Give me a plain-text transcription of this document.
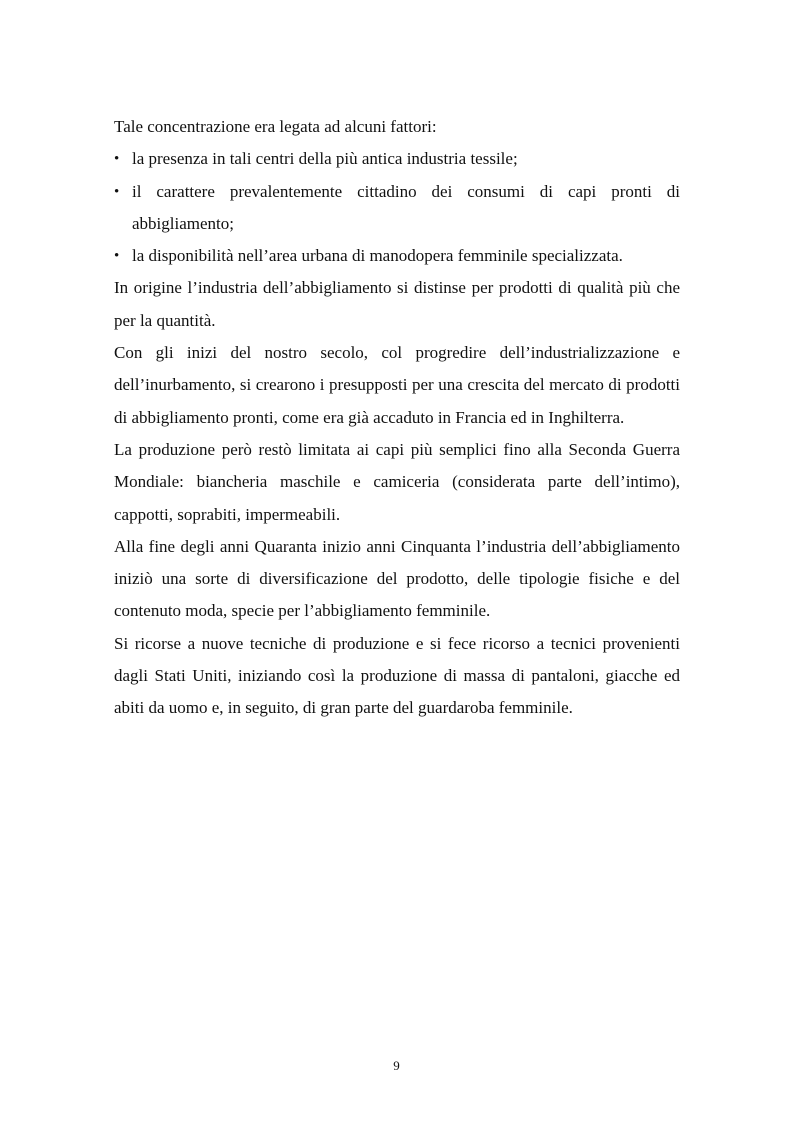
Tale concentrazione era legata ad alcuni fattori:

• la presenza in tali centri della più antica industria tessile;
• il carattere prevalentemente cittadino dei consumi di capi pronti di abbigliamento;
• la disponibilità nell’area urbana di manodopera femminile specializzata.

In origine l’industria dell’abbigliamento si distinse per prodotti di qualità più che per la quantità.

Con gli inizi del nostro secolo, col progredire dell’industrializzazione e dell’inurbamento, si crearono i presupposti per una crescita del mercato di prodotti di abbigliamento pronti, come era già accaduto in Francia ed in Inghilterra.

La produzione però restò limitata ai capi più semplici fino alla Seconda Guerra Mondiale: biancheria maschile e camiceria (considerata parte dell’intimo), cappotti, soprabiti, impermeabili.

Alla fine degli anni Quaranta inizio anni Cinquanta l’industria dell’abbigliamento iniziò una sorte di diversificazione del prodotto, delle tipologie fisiche e del contenuto moda, specie per l’abbigliamento femminile.

Si ricorse a nuove tecniche di produzione e si fece ricorso a tecnici provenienti dagli Stati Uniti, iniziando così la produzione di massa di pantaloni, giacche ed abiti da uomo e, in seguito, di gran parte del guardaroba femminile.

9
